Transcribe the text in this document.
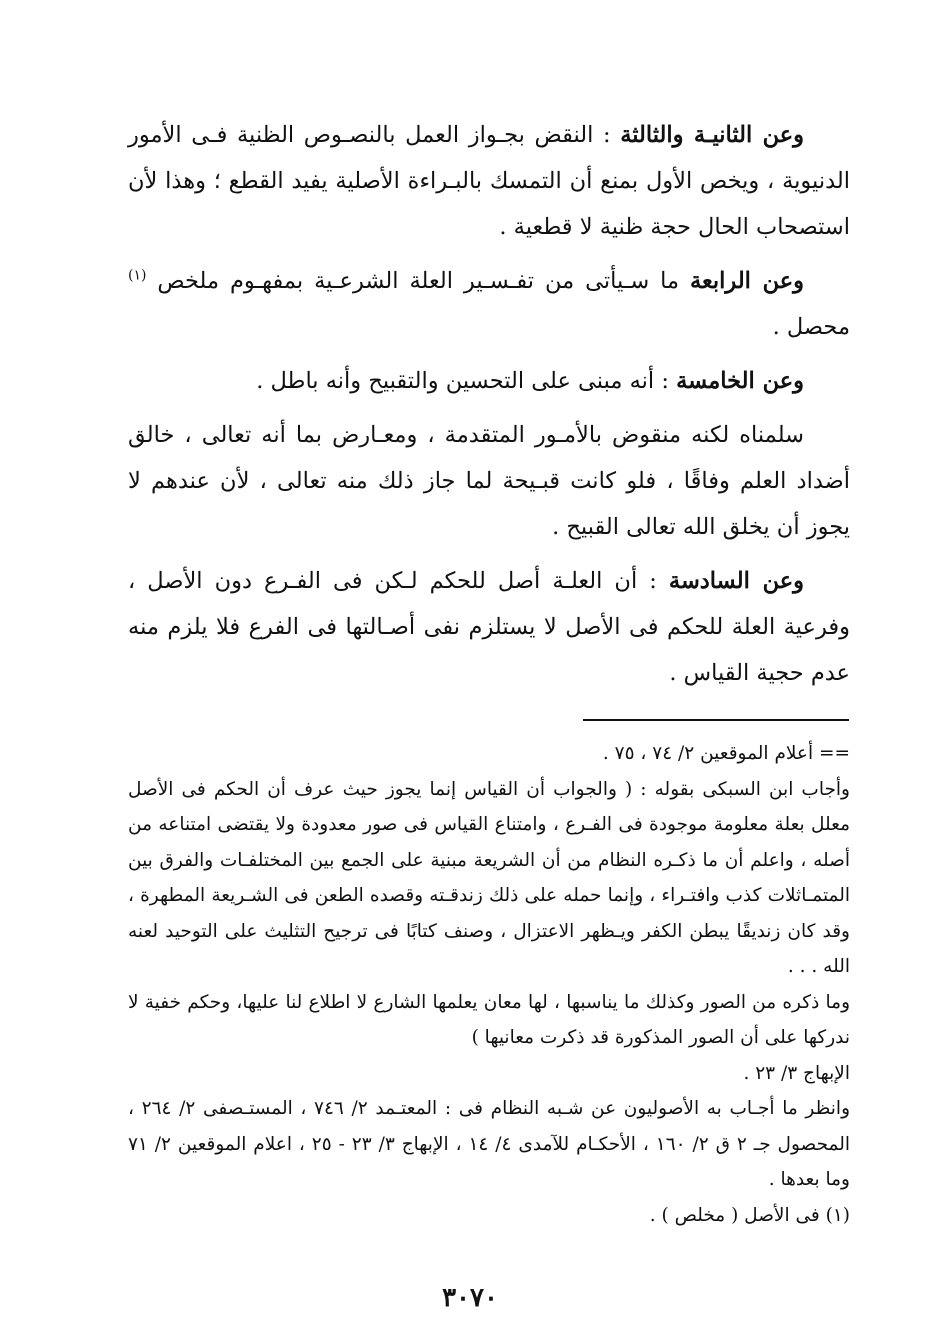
وعن الثانيـة والثالثة : النقض بجـواز العمل بالنصـوص الظنية فـى الأمور الدنيوية ، ويخص الأول بمنع أن التمسك بالبـراءة الأصلية يفيد القطع ؛ وهذا لأن استصحاب الحال حجة ظنية لا قطعية .

وعن الرابعة ما سـيأتى من تفـسـير العلة الشرعـية بمفهـوم ملخص $^{(١)}$ محصل .

وعن الخامسة : أنه مبنى على التحسين والتقبيح وأنه باطل .

سلمناه لكنه منقوض بالأمـور المتقدمة ، ومعـارض بما أنه تعالى ، خالق أضداد العلم وفاقًا ، فلو كانت قبـيحة لما جاز ذلك منه تعالى ، لأن عندهم لا يجوز أن يخلق الله تعالى القبيح .

وعن السادسة : أن العلـة أصل للحكم لـكن فى الفـرع دون الأصل ، وفرعية العلة للحكم فى الأصل لا يستلزم نفى أصـالتها فى الفرع فلا يلزم منه عدم حجية القياس .

== أعلام الموقعين ٢/ ٧٤ ، ٧٥ .

وأجاب ابن السبكى بقوله : ( والجواب أن القياس إنما يجوز حيث عرف أن الحكم فى الأصل معلل بعلة معلومة موجودة فى الفـرع ، وامتناع القياس فى صور معدودة ولا يقتضى امتناعه من أصله ، واعلم أن ما ذكـره النظام من أن الشريعة مبنية على الجمع بين المختلفـات والفرق بين المتمـاثلات كذب وافتـراء ، وإنما حمله على ذلك زندقـته وقصده الطعن فى الشـريعة المطهرة ، وقد كان زنديقًا يبطن الكفر ويـظهر الاعتزال ، وصنف كتابًا فى ترجيح التثليث على التوحيد لعنه الله . . .

وما ذكره من الصور وكذلك ما يناسبها ، لها معان يعلمها الشارع لا اطلاع لنا عليها، وحكم خفية لا ندركها على أن الصور المذكورة قد ذكرت معانيها )

الإبهاج ٣/ ٢٣ .

وانظر ما أجـاب به الأصوليون عن شـبه النظام فى : المعتـمد ٢/ ٧٤٦ ، المستـصفى ٢/ ٢٦٤ ، المحصول جـ ٢ ق ٢/ ١٦٠ ، الأحكـام للآمدى ٤/ ١٤ ، الإبهاج ٣/ ٢٣ - ٢٥ ، اعلام الموقعين ٢/ ٧١ وما بعدها .

(١) فى الأصل ( مخلص ) .

٣٠٧٠
